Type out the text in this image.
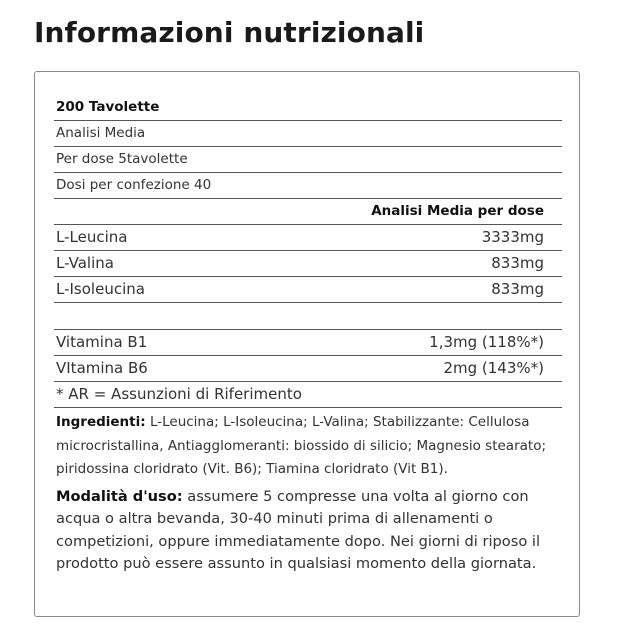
Informazioni nutrizionali
200 Tavolette
Analisi Media
Per dose 5tavolette
Dosi per confezione 40
Analisi Media per dose
L-Leucina	3333mg
L-Valina	833mg
L-Isoleucina	833mg
Vitamina B1	1,3mg (118%*)
VItamina B6	2mg (143%*)
* AR = Assunzioni di Riferimento
Ingredienti: L-Leucina; L-Isoleucina; L-Valina; Stabilizzante: Cellulosa microcristallina, Antiagglomeranti: biossido di silicio; Magnesio stearato; piridossina cloridrato (Vit. B6); Tiamina cloridrato (Vit B1).
Modalità d'uso: assumere 5 compresse una volta al giorno con acqua o altra bevanda, 30-40 minuti prima di allenamenti o competizioni, oppure immediatamente dopo. Nei giorni di riposo il prodotto può essere assunto in qualsiasi momento della giornata.
